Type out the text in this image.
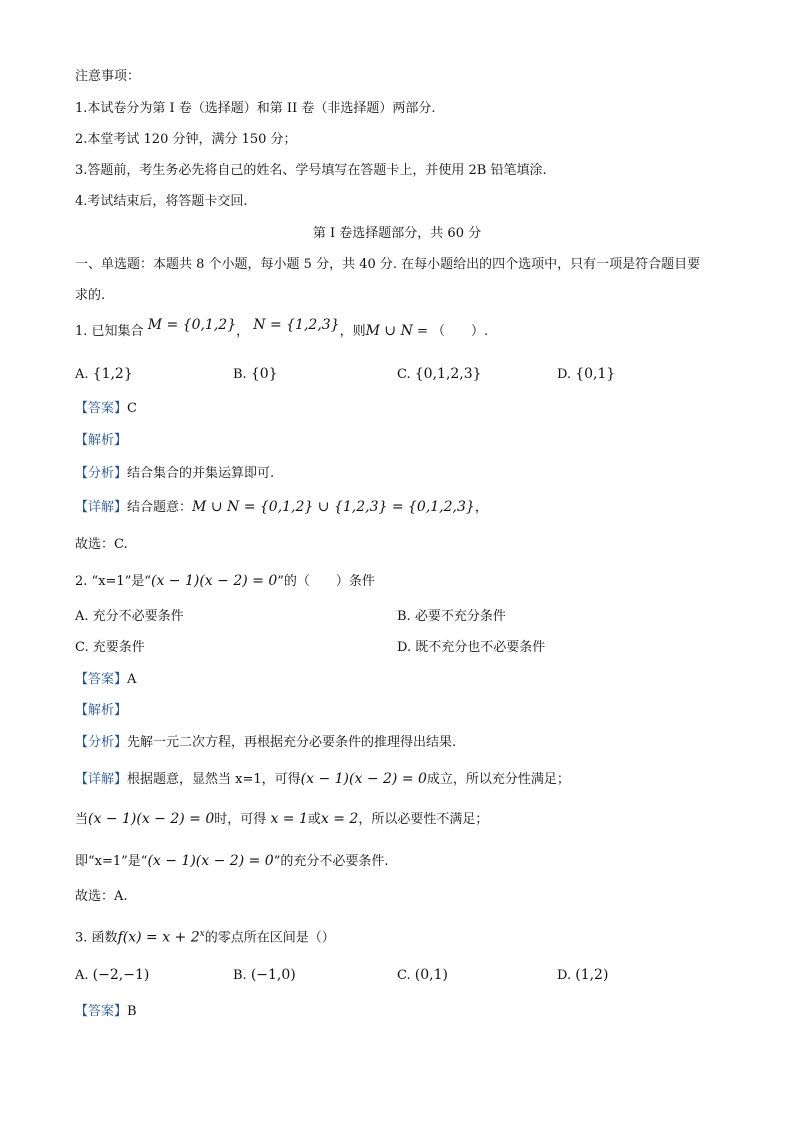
注意事项：
1.本试卷分为第 I 卷（选择题）和第 II 卷（非选择题）两部分.
2.本堂考试 120 分钟，满分 150 分；
3.答题前，考生务必先将自己的姓名、学号填写在答题卡上，并使用 2B 铅笔填涂.
4.考试结束后，将答题卡交回.
第 I 卷选择题部分，共 60 分
一、单选题：本题共 8 个小题，每小题 5 分，共 40 分. 在每小题给出的四个选项中，只有一项是符合题目要
求的.
1. 已知集合 M = {0,1,2}， N = {1,2,3}，则M ∪ N = （　　）.
A. {1,2}	B. {0}	C. {0,1,2,3}	D. {0,1}
【答案】C
【解析】
【分析】结合集合的并集运算即可.
【详解】结合题意：M ∪ N = {0,1,2} ∪ {1,2,3} = {0,1,2,3}，
故选：C.
2. “x=1”是“(x − 1)(x − 2) = 0”的（　　）条件
A. 充分不必要条件	B. 必要不充分条件
C. 充要条件	D. 既不充分也不必要条件
【答案】A
【解析】
【分析】先解一元二次方程，再根据充分必要条件的推理得出结果.
【详解】根据题意，显然当 x=1，可得(x − 1)(x − 2) = 0成立，所以充分性满足；
当(x − 1)(x − 2) = 0时，可得 x = 1或x = 2，所以必要性不满足；
即“x=1”是“(x − 1)(x − 2) = 0”的充分不必要条件.
故选：A.
3. 函数$f(x) = x + 2^x$的零点所在区间是（）
A. (−2,−1)	B. (−1,0)	C. (0,1)	D. (1,2)
【答案】B
